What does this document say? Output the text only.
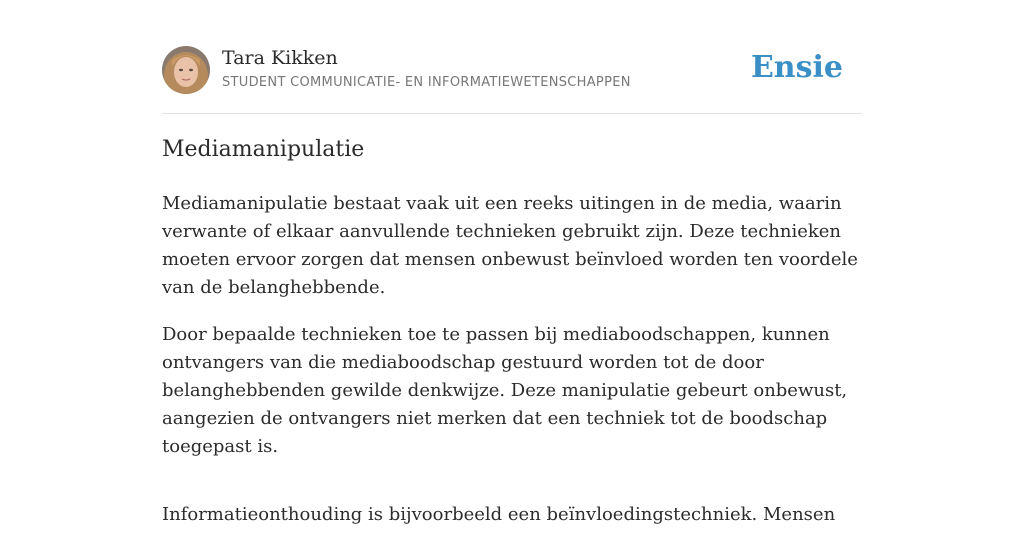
Tara Kikken
STUDENT COMMUNICATIE- EN INFORMATIEWETENSCHAPPEN	Ensie
Mediamanipulatie

Mediamanipulatie bestaat vaak uit een reeks uitingen in de media, waarin verwante of elkaar aanvullende technieken gebruikt zijn. Deze technieken moeten ervoor zorgen dat mensen onbewust beïnvloed worden ten voordele van de belanghebbende.

Door bepaalde technieken toe te passen bij mediaboodschappen, kunnen ontvangers van die mediaboodschap gestuurd worden tot de door belanghebbenden gewilde denkwijze. Deze manipulatie gebeurt onbewust, aangezien de ontvangers niet merken dat een techniek tot de boodschap toegepast is.

Informatieonthouding is bijvoorbeeld een beïnvloedingstechniek. Mensen
